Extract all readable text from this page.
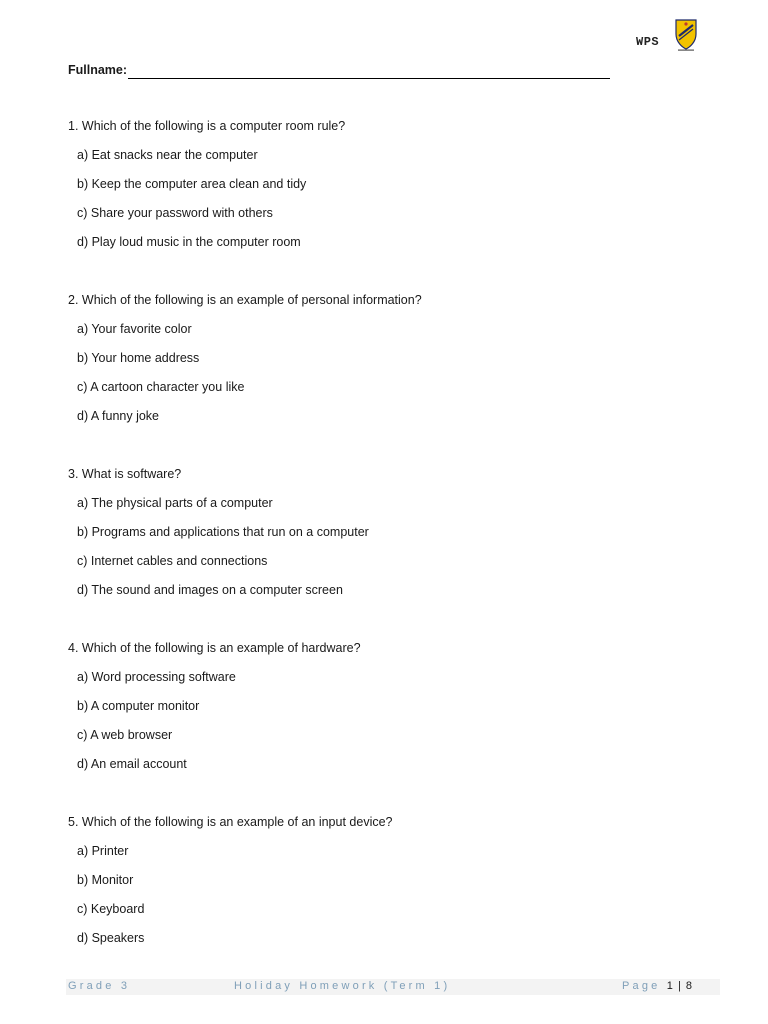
WPS
Fullname:
1. Which of the following is a computer room rule?
a) Eat snacks near the computer
b) Keep the computer area clean and tidy
c) Share your password with others
d) Play loud music in the computer room
2. Which of the following is an example of personal information?
a) Your favorite color
b) Your home address
c) A cartoon character you like
d) A funny joke
3. What is software?
a) The physical parts of a computer
b) Programs and applications that run on a computer
c) Internet cables and connections
d) The sound and images on a computer screen
4. Which of the following is an example of hardware?
a) Word processing software
b) A computer monitor
c) A web browser
d) An email account
5. Which of the following is an example of an input device?
a) Printer
b) Monitor
c) Keyboard
d) Speakers
Grade 3	Holiday Homework (Term 1)	Page 1 | 8
